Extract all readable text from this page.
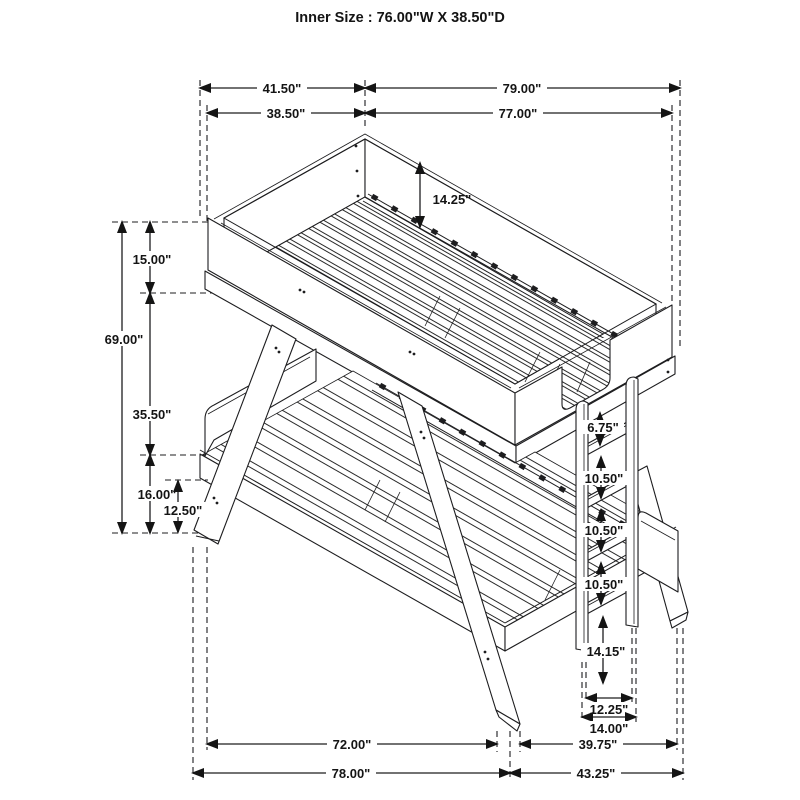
41.50"	79.00"
38.50"	77.00"
14.25"
69.00"
15.00"
35.50"
16.00"
12.50"
6.75"
10.50"
10.50"
10.50"
14.15"
12.25"
14.00"
72.00"	39.75"
78.00"	43.25"
Inner Size : 76.00"W X 38.50"D
